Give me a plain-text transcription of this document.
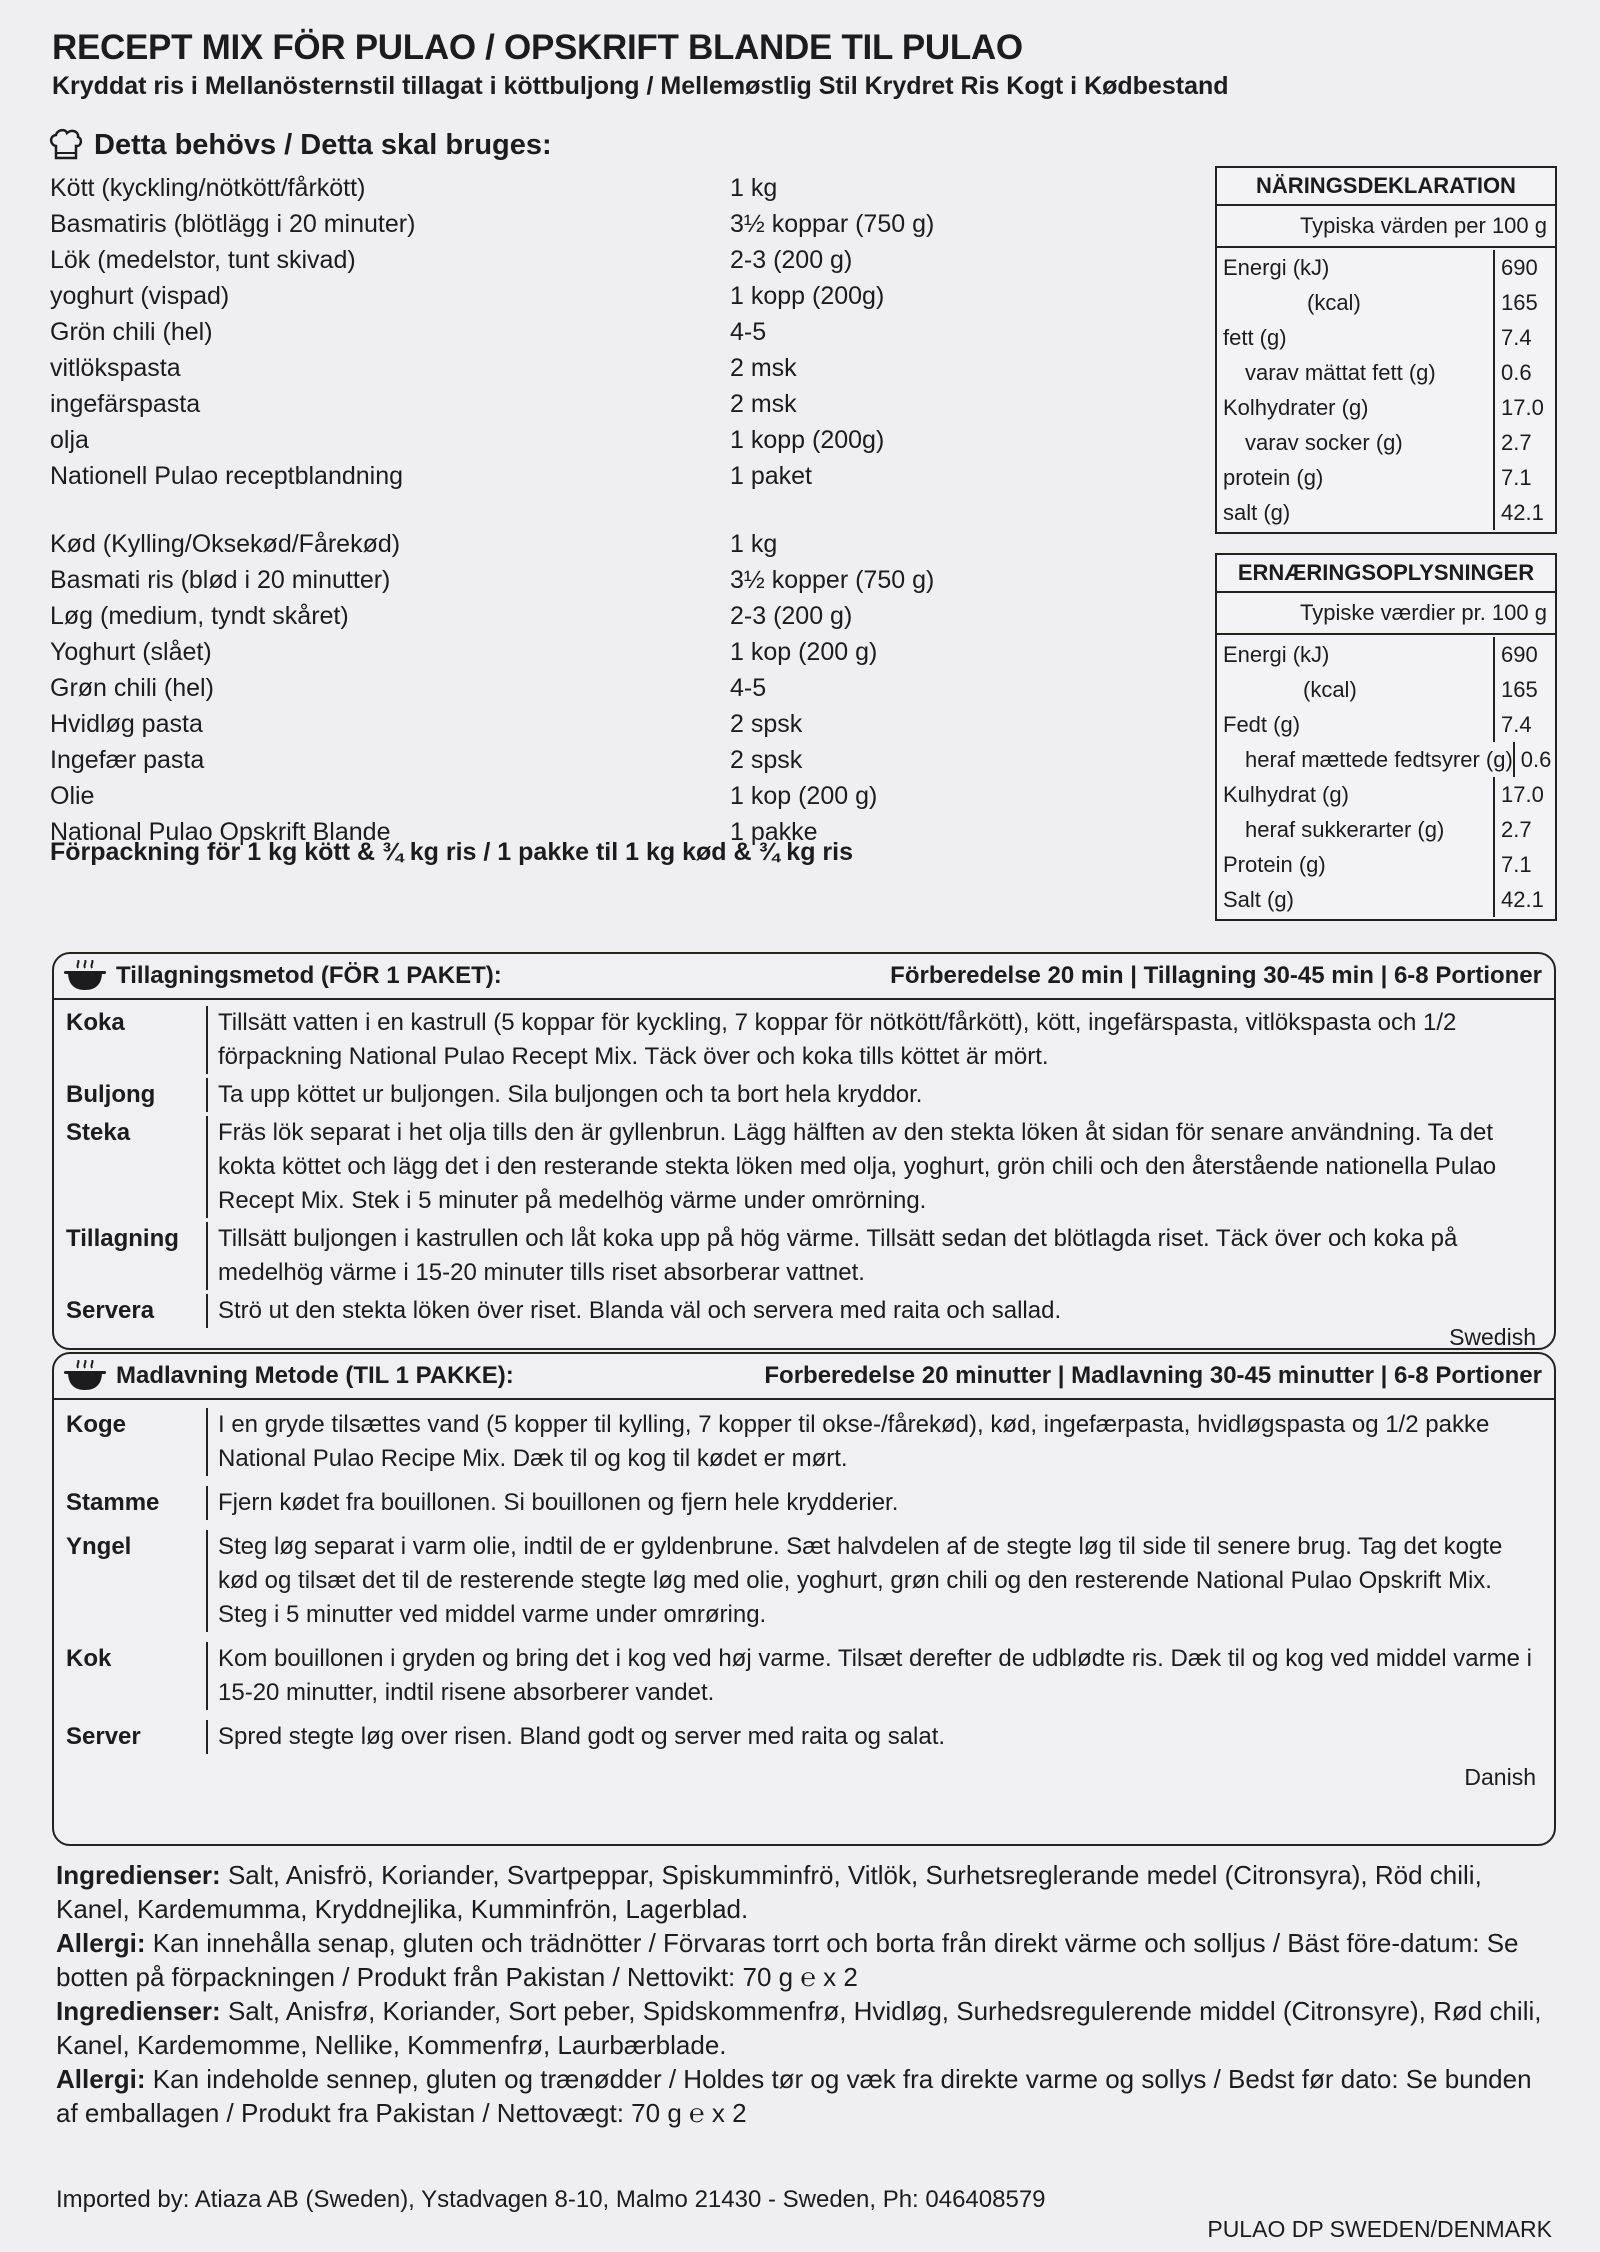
RECEPT MIX FÖR PULAO / OPSKRIFT BLANDE TIL PULAO
Kryddat ris i Mellanösternstil tillagat i köttbuljong / Mellemøstlig Stil Krydret Ris Kogt i Kødbestand
Detta behövs / Detta skal bruges:
Kött (kyckling/nötkött/fårkött)	1 kg
Basmatiris (blötlägg i 20 minuter)	3½ koppar (750 g)
Lök (medelstor, tunt skivad)	2-3 (200 g)
yoghurt (vispad)	1 kopp (200g)
Grön chili (hel)	4-5
vitlökspasta	2 msk
ingefärspasta	2 msk
olja	1 kopp (200g)
Nationell Pulao receptblandning	1 paket
Kød (Kylling/Oksekød/Fårekød)	1 kg
Basmati ris (blød i 20 minutter)	3½ kopper (750 g)
Løg (medium, tyndt skåret)	2-3 (200 g)
Yoghurt (slået)	1 kop (200 g)
Grøn chili (hel)	4-5
Hvidløg pasta	2 spsk
Ingefær pasta	2 spsk
Olie	1 kop (200 g)
National Pulao Opskrift Blande	1 pakke
Förpackning för 1 kg kött & ¾ kg ris / 1 pakke til 1 kg kød & ¾ kg ris
NÄRINGSDEKLARATION
Typiska värden per 100 g
Energi (kJ)	690
(kcal)	165
fett (g)	7.4
varav mättat fett (g)	0.6
Kolhydrater (g)	17.0
varav socker (g)	2.7
protein (g)	7.1
salt (g)	42.1
ERNÆRINGSOPLYSNINGER
Typiske værdier pr. 100 g
Energi (kJ)	690
(kcal)	165
Fedt (g)	7.4
heraf mættede fedtsyrer (g) 0.6
Kulhydrat (g)	17.0
heraf sukkerarter (g)	2.7
Protein (g)	7.1
Salt (g)	42.1
Tillagningsmetod (FÖR 1 PAKET):	Förberedelse 20 min | Tillagning 30-45 min | 6-8 Portioner
Koka	Tillsätt vatten i en kastrull (5 koppar för kyckling, 7 koppar för nötkött/fårkött), kött, ingefärspasta, vitlökspasta och 1/2 förpackning National Pulao Recept Mix. Täck över och koka tills köttet är mört.
Buljong	Ta upp köttet ur buljongen. Sila buljongen och ta bort hela kryddor.
Steka	Fräs lök separat i het olja tills den är gyllenbrun. Lägg hälften av den stekta löken åt sidan för senare användning. Ta det kokta köttet och lägg det i den resterande stekta löken med olja, yoghurt, grön chili och den återstående nationella Pulao Recept Mix. Stek i 5 minuter på medelhög värme under omrörning.
Tillagning	Tillsätt buljongen i kastrullen och låt koka upp på hög värme. Tillsätt sedan det blötlagda riset. Täck över och koka på medelhög värme i 15-20 minuter tills riset absorberar vattnet.
Servera	Strö ut den stekta löken över riset. Blanda väl och servera med raita och sallad.
Swedish
Madlavning Metode (TIL 1 PAKKE):	Forberedelse 20 minutter | Madlavning 30-45 minutter | 6-8 Portioner
Koge	I en gryde tilsættes vand (5 kopper til kylling, 7 kopper til okse-/fårekød), kød, ingefærpasta, hvidløgspasta og 1/2 pakke National Pulao Recipe Mix. Dæk til og kog til kødet er mørt.
Stamme	Fjern kødet fra bouillonen. Si bouillonen og fjern hele krydderier.
Yngel	Steg løg separat i varm olie, indtil de er gyldenbrune. Sæt halvdelen af de stegte løg til side til senere brug. Tag det kogte kød og tilsæt det til de resterende stegte løg med olie, yoghurt, grøn chili og den resterende National Pulao Opskrift Mix. Steg i 5 minutter ved middel varme under omrøring.
Kok	Kom bouillonen i gryden og bring det i kog ved høj varme. Tilsæt derefter de udblødte ris. Dæk til og kog ved middel varme i 15-20 minutter, indtil risene absorberer vandet.
Server	Spred stegte løg over risen. Bland godt og server med raita og salat.
Danish
Ingredienser: Salt, Anisfrö, Koriander, Svartpeppar, Spiskumminfrö, Vitlök, Surhetsreglerande medel (Citronsyra), Röd chili, Kanel, Kardemumma, Kryddnejlika, Kumminfrön, Lagerblad.
Allergi: Kan innehålla senap, gluten och trädnötter / Förvaras torrt och borta från direkt värme och solljus / Bäst före-datum: Se botten på förpackningen / Produkt från Pakistan / Nettovikt: 70 g ℮ x 2
Ingredienser: Salt, Anisfrø, Koriander, Sort peber, Spidskommenfrø, Hvidløg, Surhedsregulerende middel (Citronsyre), Rød chili, Kanel, Kardemomme, Nellike, Kommenfrø, Laurbærblade.
Allergi: Kan indeholde sennep, gluten og trænødder / Holdes tør og væk fra direkte varme og sollys / Bedst før dato: Se bunden af emballagen / Produkt fra Pakistan / Nettovægt: 70 g ℮ x 2
Imported by: Atiaza AB (Sweden), Ystadvagen 8-10, Malmo 21430 - Sweden, Ph: 046408579
PULAO DP SWEDEN/DENMARK
